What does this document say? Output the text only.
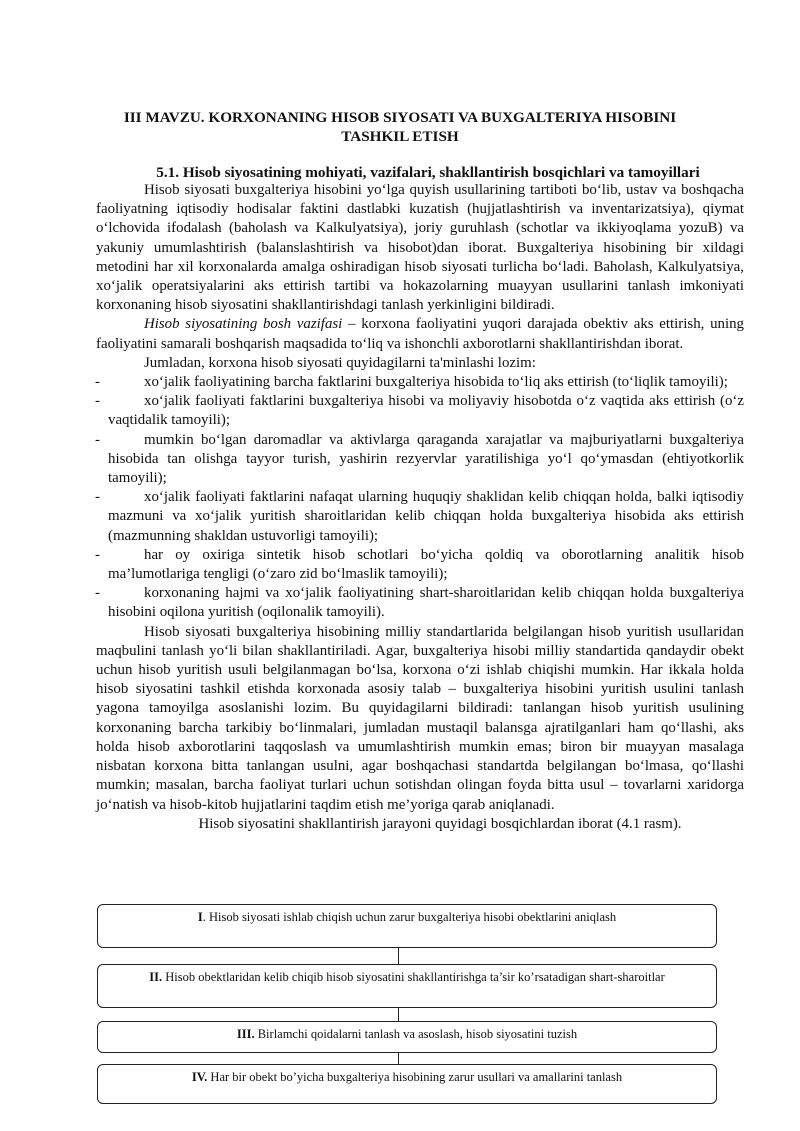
III MAVZU. KORXONANING HISOB SIYOSATI VA BUXGALTERIYA HISOBINI TASHKIL ETISH
5.1. Hisob siyosatining mohiyati, vazifalari, shakllantirish bosqichlari va tamoyillari

Hisob siyosati buxgalteriya hisobini yo‘lga quyish usullarining tartiboti bo‘lib, ustav va boshqacha faoliyatning iqtisodiy hodisalar faktini dastlabki kuzatish (hujjatlashtirish va inventarizatsiya), qiymat o‘lchovida ifodalash (baholash va Kalkulyatsiya), joriy guruhlash (schotlar va ikkiyoqlama yozuB) va yakuniy umumlashtirish (balanslashtirish va hisobot)dan iborat. Buxgalteriya hisobining bir xildagi metodini har xil korxonalarda amalga oshiradigan hisob siyosati turlicha bo‘ladi. Baholash, Kalkulyatsiya, xo‘jalik operatsiyalarini aks ettirish tartibi va hokazolarning muayyan usullarini tanlash imkoniyati korxonaning hisob siyosatini shakllantirishdagi tanlash yerkinligini bildiradi.

Hisob siyosatining bosh vazifasi – korxona faoliyatini yuqori darajada obektiv aks ettirish, uning faoliyatini samarali boshqarish maqsadida to‘liq va ishonchli axborotlarni shakllantirishdan iborat.

Jumladan, korxona hisob siyosati quyidagilarni ta'minlashi lozim:

-	xo‘jalik faoliyatining barcha faktlarini buxgalteriya hisobida to‘liq aks ettirish (to‘liqlik tamoyili);
-	xo‘jalik faoliyati faktlarini buxgalteriya hisobi va moliyaviy hisobotda o‘z vaqtida aks ettirish (o‘z vaqtidalik tamoyili);
-	mumkin bo‘lgan daromadlar va aktivlarga qaraganda xarajatlar va majburiyatlarni buxgalteriya hisobida tan olishga tayyor turish, yashirin rezyervlar yaratilishiga yo‘l qo‘ymasdan (ehtiyotkorlik tamoyili);
-	xo‘jalik faoliyati faktlarini nafaqat ularning huquqiy shaklidan kelib chiqqan holda, balki iqtisodiy mazmuni va xo‘jalik yuritish sharoitlaridan kelib chiqqan holda buxgalteriya hisobida aks ettirish (mazmunning shakldan ustuvorligi tamoyili);
-	har oy oxiriga sintetik hisob schotlari bo‘yicha qoldiq va oborotlarning analitik hisob ma’lumotlariga tengligi (o‘zaro zid bo‘lmaslik tamoyili);
-	korxonaning hajmi va xo‘jalik faoliyatining shart-sharoitlaridan kelib chiqqan holda buxgalteriya hisobini oqilona yuritish (oqilonalik tamoyili).

Hisob siyosati buxgalteriya hisobining milliy standartlarida belgilangan hisob yuritish usullaridan maqbulini tanlash yo‘li bilan shakllantiriladi. Agar, buxgalteriya hisobi milliy standartida qandaydir obekt uchun hisob yuritish usuli belgilanmagan bo‘lsa, korxona o‘zi ishlab chiqishi mumkin. Har ikkala holda hisob siyosatini tashkil etishda korxonada asosiy talab – buxgalteriya hisobini yuritish usulini tanlash yagona tamoyilga asoslanishi lozim. Bu quyidagilarni bildiradi: tanlangan hisob yuritish usulining korxonaning barcha tarkibiy bo‘linmalari, jumladan mustaqil balansga ajratilganlari ham qo‘llashi, aks holda hisob axborotlarini taqqoslash va umumlashtirish mumkin emas; biron bir muayyan masalaga nisbatan korxona bitta tanlangan usulni, agar boshqachasi standartda belgilangan bo‘lmasa, qo‘llashi mumkin; masalan, barcha faoliyat turlari uchun sotishdan olingan foyda bitta usul – tovarlarni xaridorga jo‘natish va hisob-kitob hujjatlarini taqdim etish me’yoriga qarab aniqlanadi.

Hisob siyosatini shakllantirish jarayoni quyidagi bosqichlardan iborat (4.1 rasm).

I. Hisob siyosati ishlab chiqish uchun zarur buxgalteriya hisobi obektlarini aniqlash
II. Hisob obektlaridan kelib chiqib hisob siyosatini shakllantirishga ta’sir ko’rsatadigan shart-sharoitlar
III. Birlamchi qoidalarni tanlash va asoslash, hisob siyosatini tuzish
IV. Har bir obekt bo’yicha buxgalteriya hisobining zarur usullari va amallarini tanlash
